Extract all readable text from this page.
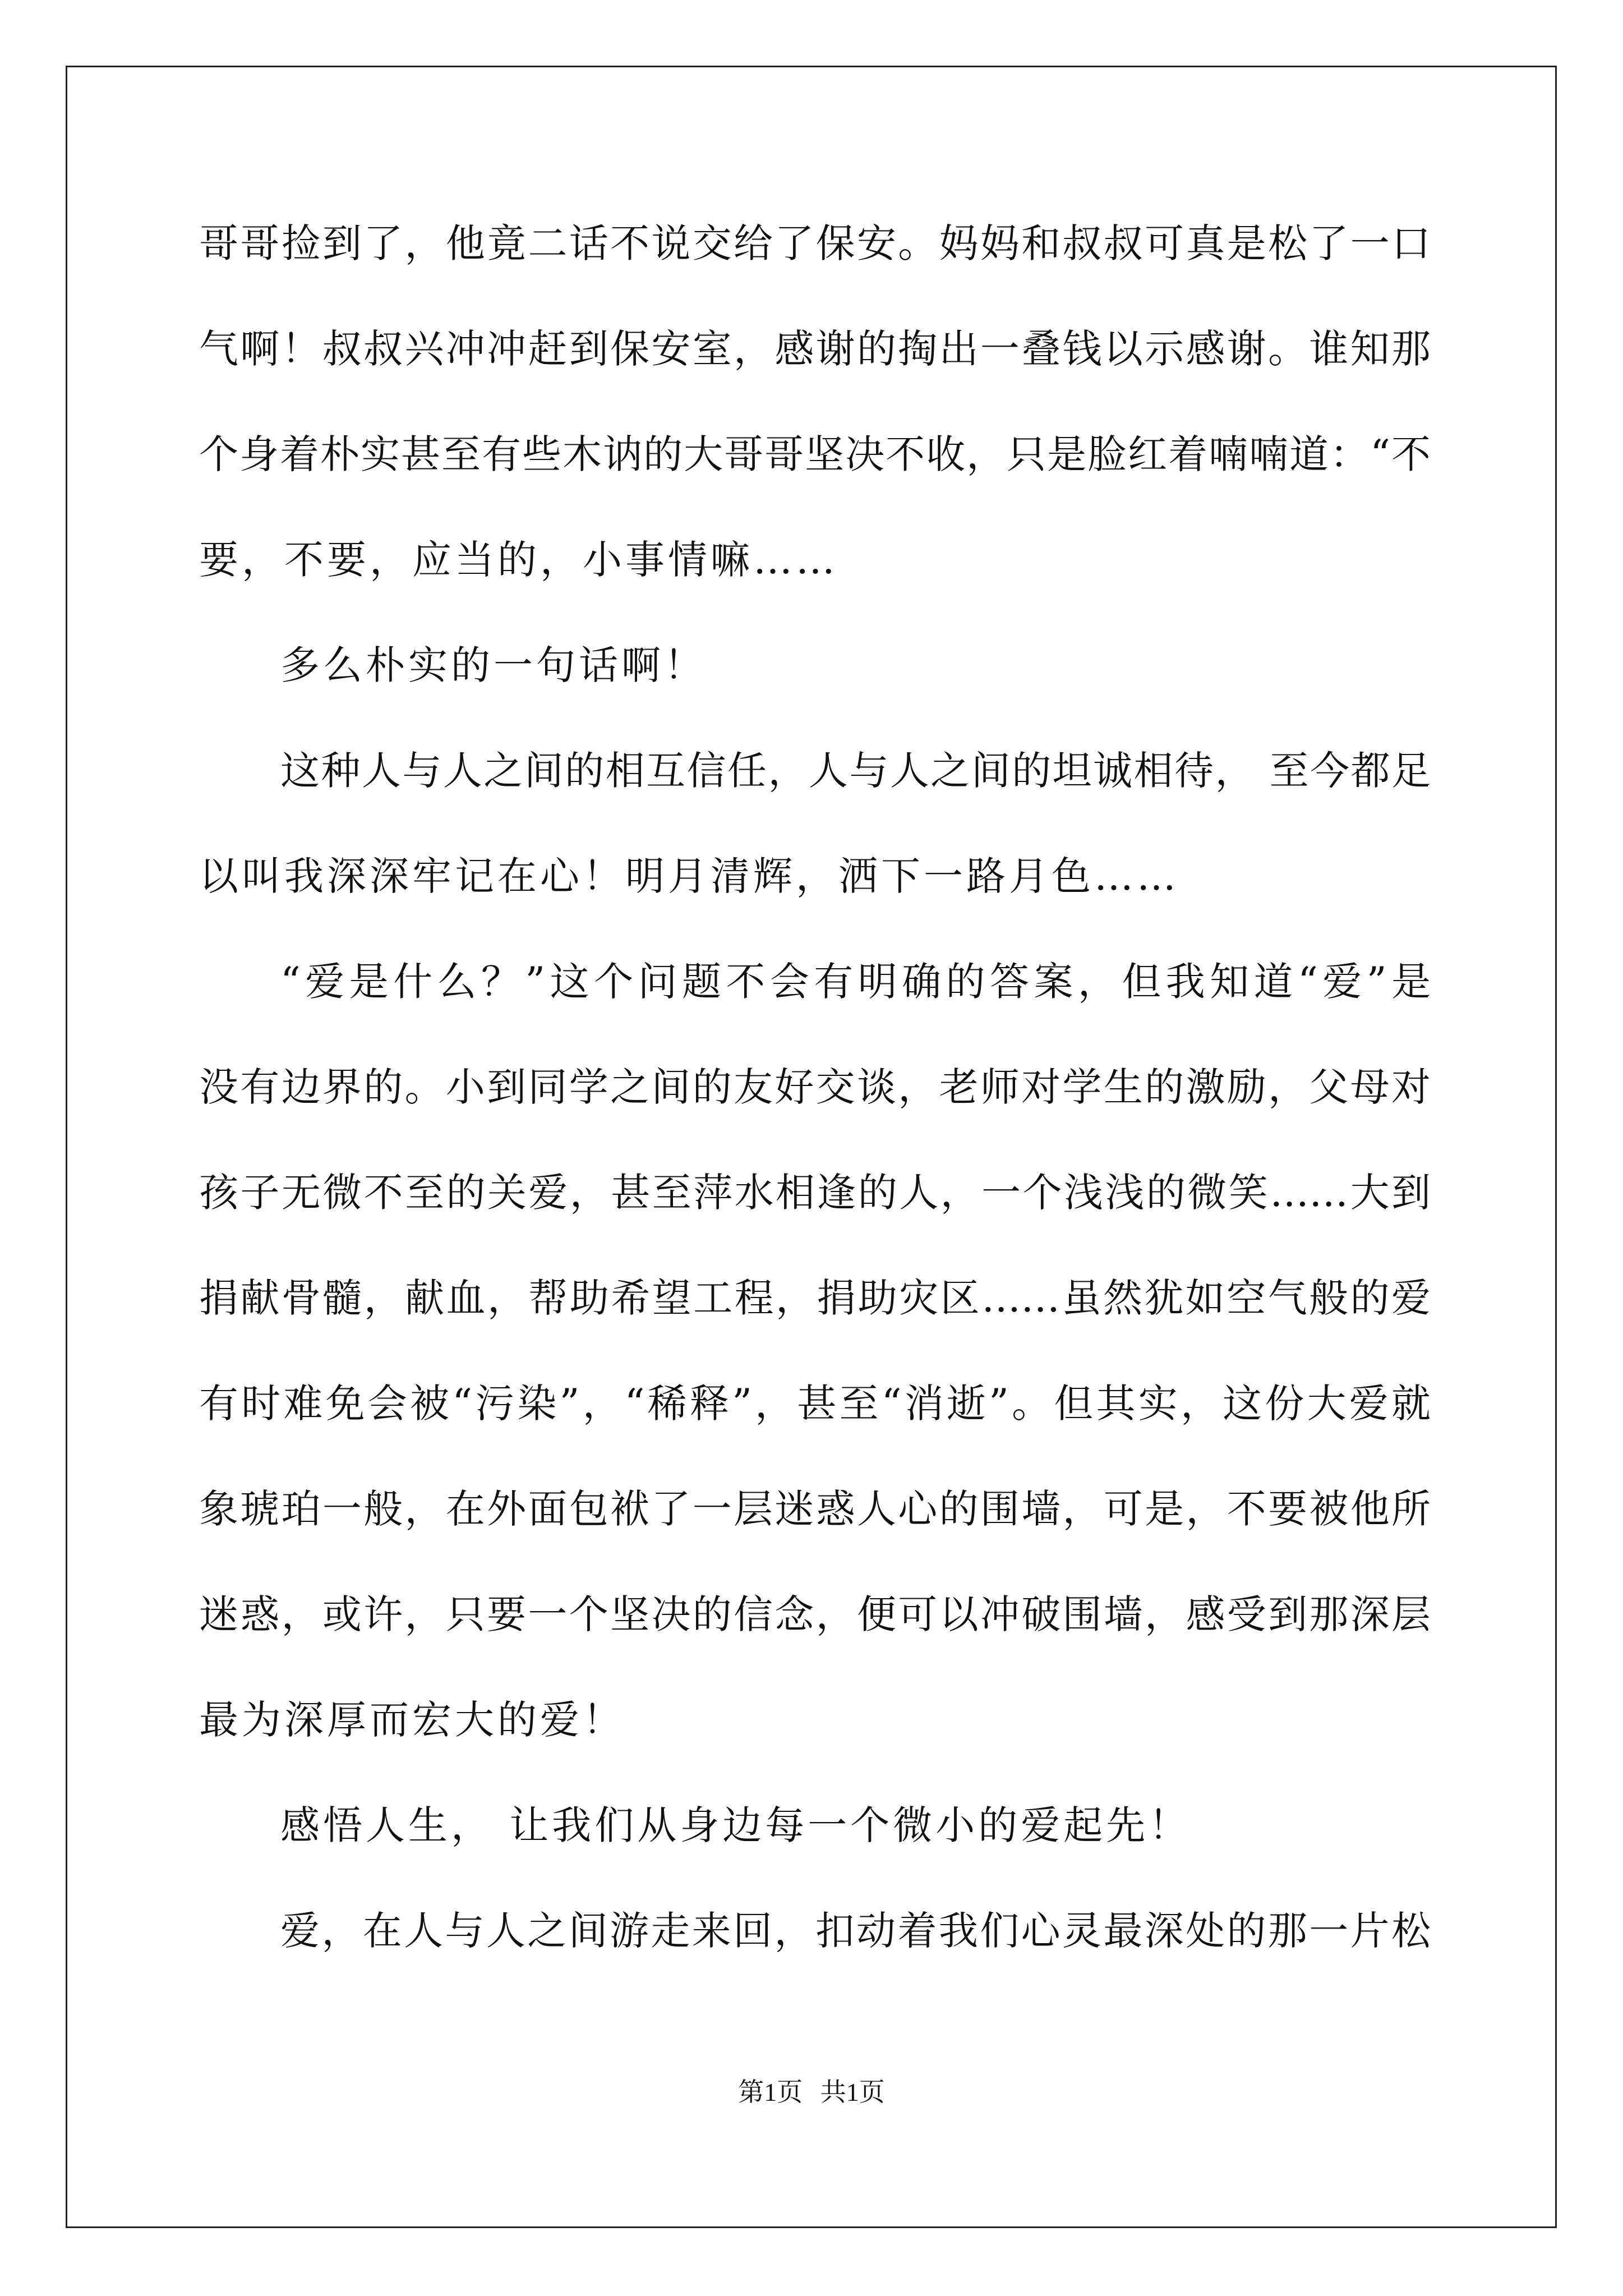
哥哥捡到了，他竟二话不说交给了保安。妈妈和叔叔可真是松了一口
气啊！叔叔兴冲冲赶到保安室，感谢的掏出一叠钱以示感谢。谁知那
个身着朴实甚至有些木讷的大哥哥坚决不收，只是脸红着喃喃道：“不
要，不要，应当的，小事情嘛……
多么朴实的一句话啊！
这种人与人之间的相互信任，人与人之间的坦诚相待， 至今都足
以叫我深深牢记在心！明月清辉，洒下一路月色……
“爱是什么？”这个问题不会有明确的答案，但我知道“爱”是
没有边界的。小到同学之间的友好交谈，老师对学生的激励，父母对
孩子无微不至的关爱，甚至萍水相逢的人，一个浅浅的微笑……大到
捐献骨髓，献血，帮助希望工程，捐助灾区……虽然犹如空气般的爱
有时难免会被“污染”，“稀释”，甚至“消逝”。但其实，这份大爱就
象琥珀一般，在外面包袱了一层迷惑人心的围墙，可是，不要被他所
迷惑，或许，只要一个坚决的信念，便可以冲破围墙，感受到那深层
最为深厚而宏大的爱！
感悟人生， 让我们从身边每一个微小的爱起先！
爱，在人与人之间游走来回，扣动着我们心灵最深处的那一片松
第1页 共1页
